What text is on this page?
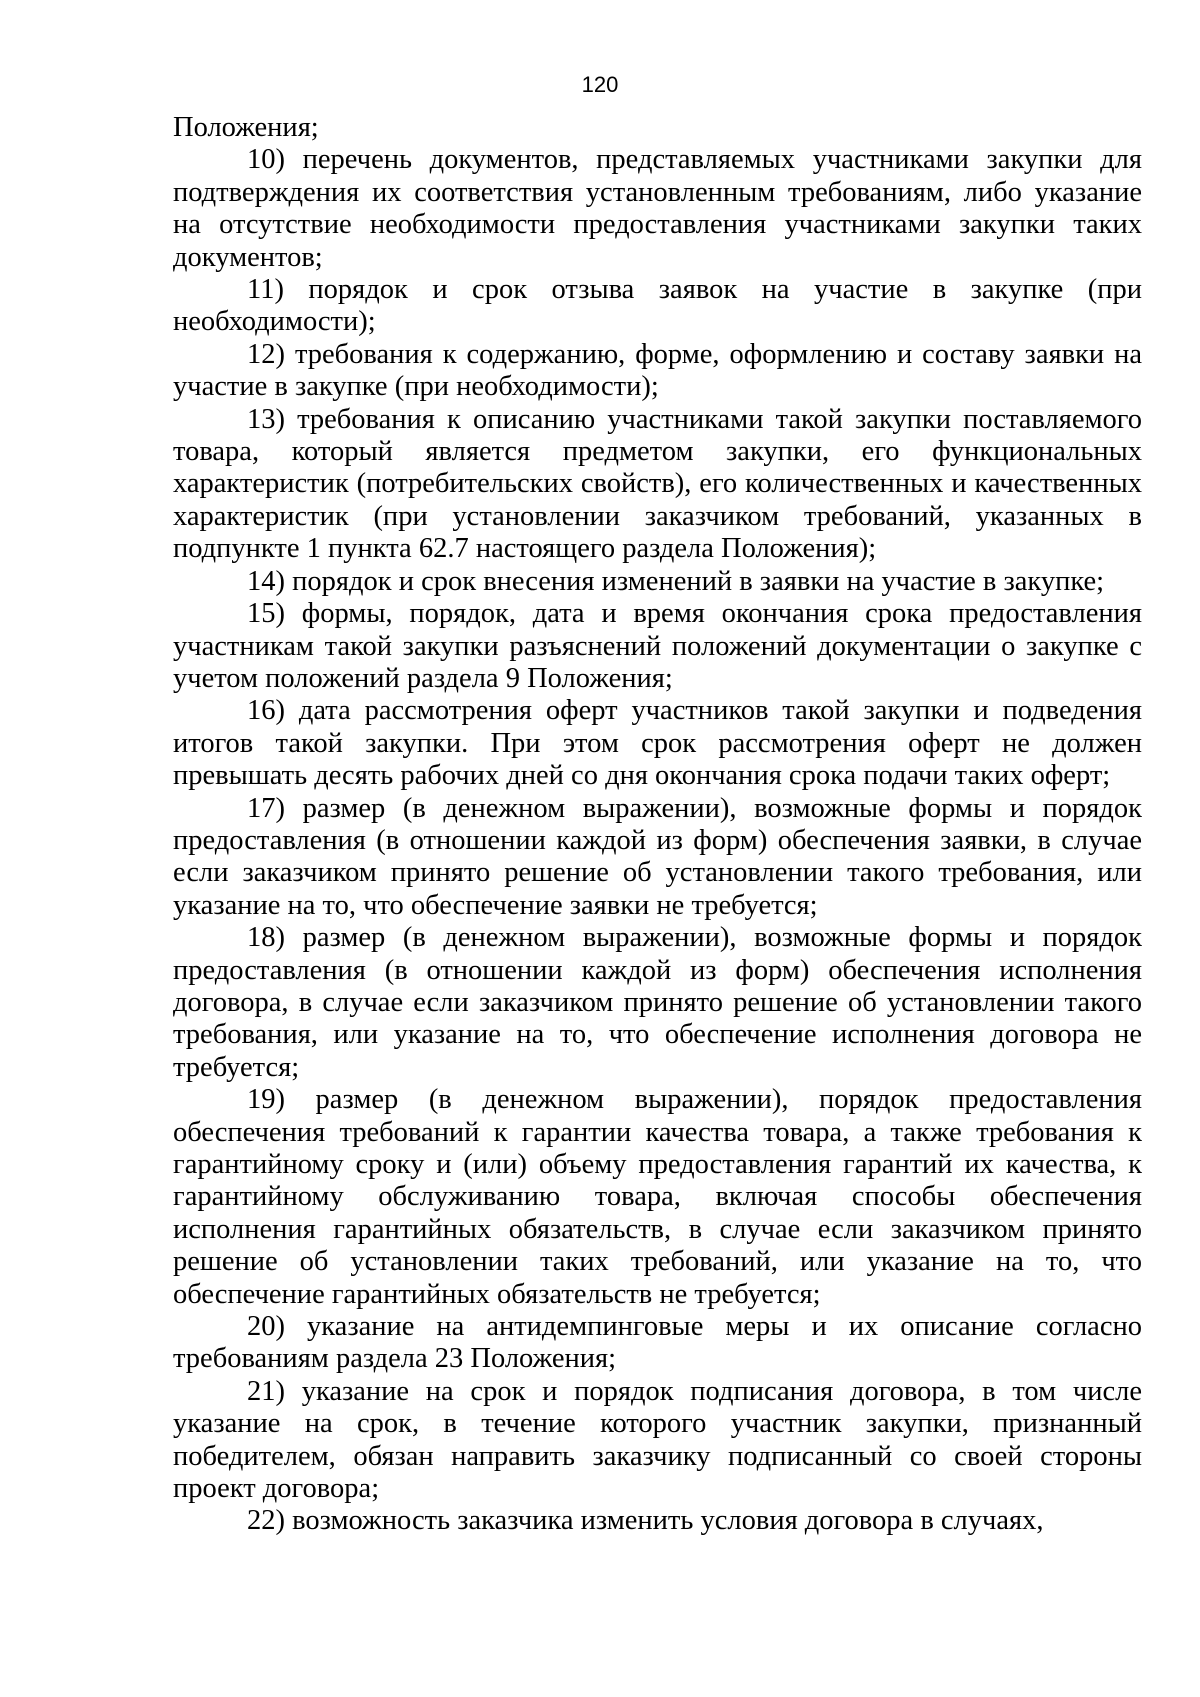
120

Положения;

10) перечень документов, представляемых участниками закупки для подтверждения их соответствия установленным требованиям, либо указание на отсутствие необходимости предоставления участниками закупки таких документов;

11) порядок и срок отзыва заявок на участие в закупке (при необходимости);

12) требования к содержанию, форме, оформлению и составу заявки на участие в закупке (при необходимости);

13) требования к описанию участниками такой закупки поставляемого товара, который является предметом закупки, его функциональных характеристик (потребительских свойств), его количественных и качественных характеристик (при установлении заказчиком требований, указанных в подпункте 1 пункта 62.7 настоящего раздела Положения);

14) порядок и срок внесения изменений в заявки на участие в закупке;

15) формы, порядок, дата и время окончания срока предоставления участникам такой закупки разъяснений положений документации о закупке с учетом положений раздела 9 Положения;

16) дата рассмотрения оферт участников такой закупки и подведения итогов такой закупки. При этом срок рассмотрения оферт не должен превышать десять рабочих дней со дня окончания срока подачи таких оферт;

17) размер (в денежном выражении), возможные формы и порядок предоставления (в отношении каждой из форм) обеспечения заявки, в случае если заказчиком принято решение об установлении такого требования, или указание на то, что обеспечение заявки не требуется;

18) размер (в денежном выражении), возможные формы и порядок предоставления (в отношении каждой из форм) обеспечения исполнения договора, в случае если заказчиком принято решение об установлении такого требования, или указание на то, что обеспечение исполнения договора не требуется;

19) размер (в денежном выражении), порядок предоставления обеспечения требований к гарантии качества товара, а также требования к гарантийному сроку и (или) объему предоставления гарантий их качества, к гарантийному обслуживанию товара, включая способы обеспечения исполнения гарантийных обязательств, в случае если заказчиком принято решение об установлении таких требований, или указание на то, что обеспечение гарантийных обязательств не требуется;

20) указание на антидемпинговые меры и их описание согласно требованиям раздела 23 Положения;

21) указание на срок и порядок подписания договора, в том числе указание на срок, в течение которого участник закупки, признанный победителем, обязан направить заказчику подписанный со своей стороны проект договора;

22) возможность заказчика изменить условия договора в случаях,
